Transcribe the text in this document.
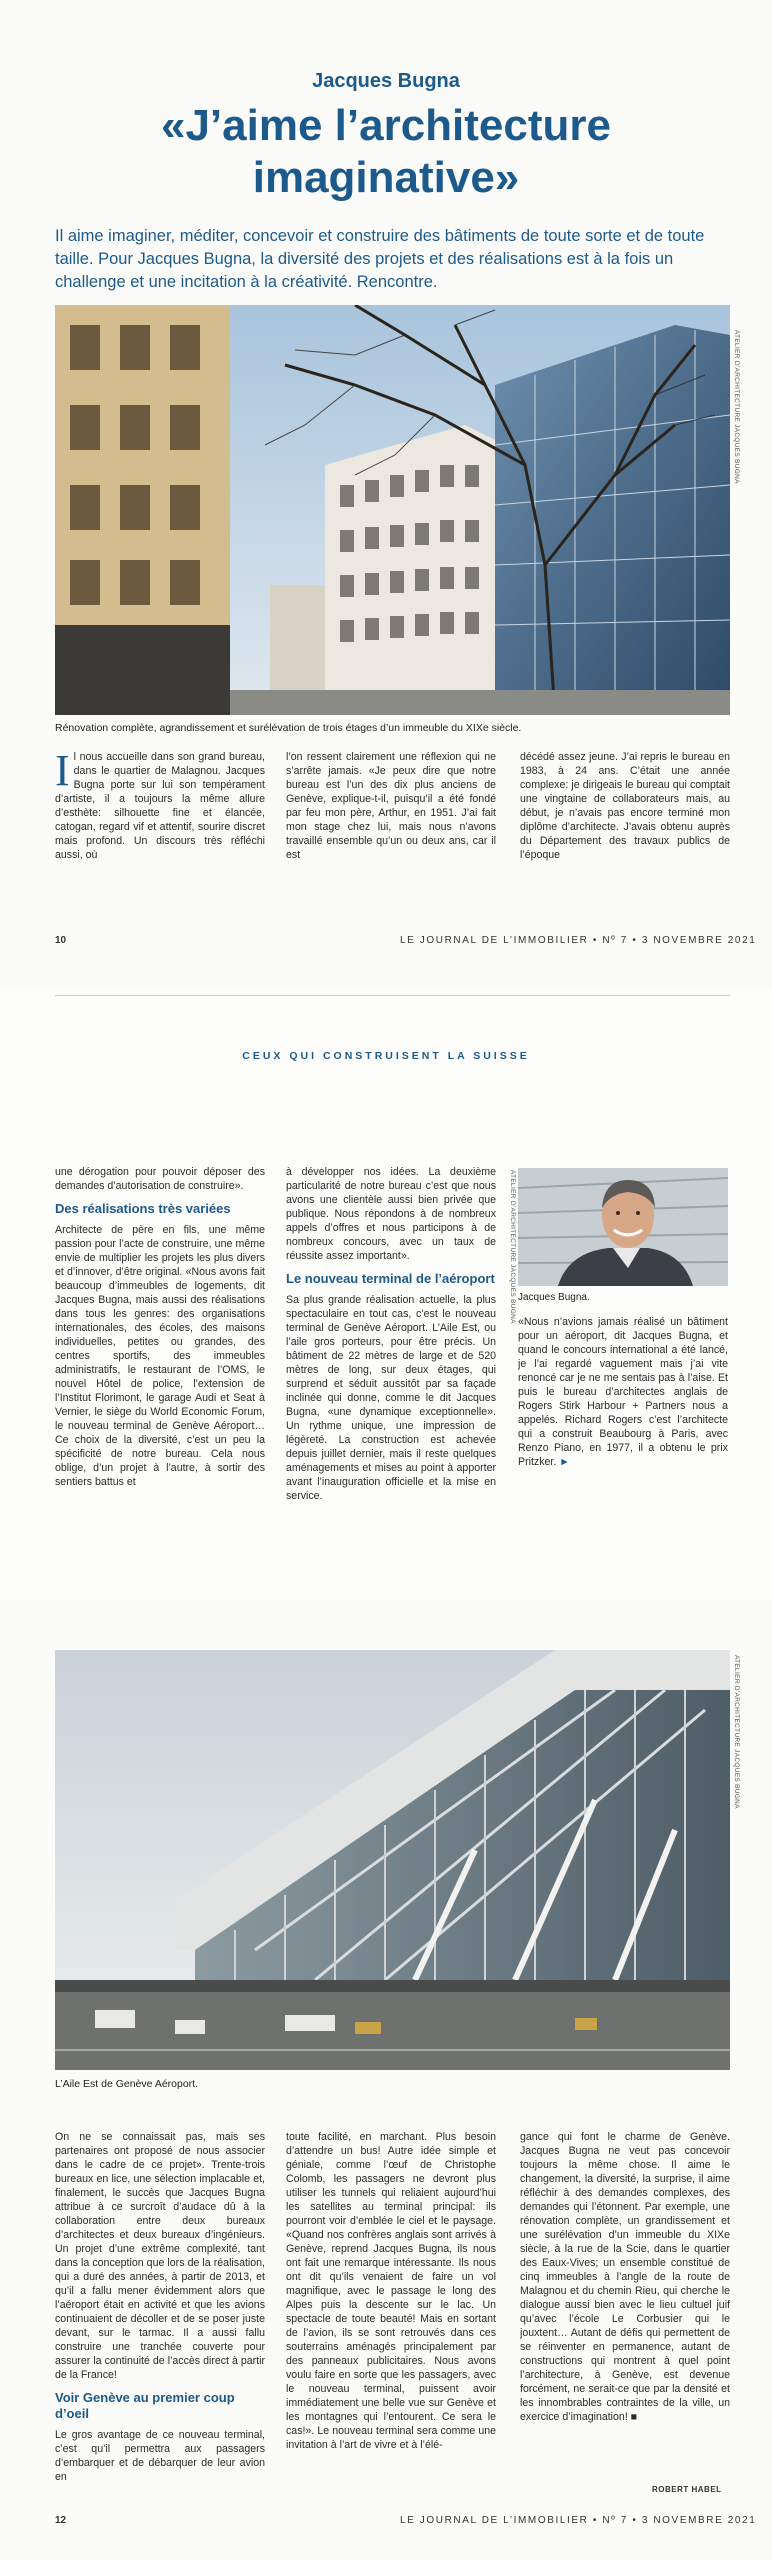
Jacques Bugna
«J’aime l’architecture imaginative»

Il aime imaginer, méditer, concevoir et construire des bâtiments de toute sorte et de toute taille. Pour Jacques Bugna, la diversité des projets et des réalisations est à la fois un challenge et une incitation à la créativité. Rencontre.

ATELIER D’ARCHITECTURE JACQUES BUGNA
Rénovation complète, agrandissement et surélévation de trois étages d’un immeuble du XIXe siècle.
Il nous accueille dans son grand bureau, dans le quartier de Malagnou. Jacques Bugna porte sur lui son tempérament d’artiste, il a toujours la même allure d’esthète: silhouette fine et élancée, catogan, regard vif et attentif, sourire discret mais profond. Un discours très réfléchi aussi, où
l’on ressent clairement une réflexion qui ne s’arrête jamais. «Je peux dire que notre bureau est l’un des dix plus anciens de Genève, explique-t-il, puisqu’il a été fondé par feu mon père, Arthur, en 1951. J’ai fait mon stage chez lui, mais nous n’avons travaillé ensemble qu’un ou deux ans, car il est
décédé assez jeune. J’ai repris le bureau en 1983, à 24 ans. C’était une année complexe: je dirigeais le bureau qui comptait une vingtaine de collaborateurs mais, au début, je n’avais pas encore terminé mon diplôme d’architecte. J’avais obtenu auprès du Département des travaux publics de l’époque
10	LE JOURNAL DE L’IMMOBILIER • Nº 7 • 3 NOVEMBRE 2021
CEUX QUI CONSTRUISENT LA SUISSE

une dérogation pour pouvoir déposer des demandes d’autorisation de construire».

Des réalisations très variées

Architecte de père en fils, une même passion pour l’acte de construire, une même envie de multiplier les projets les plus divers et d’innover, d’être original. «Nous avons fait beaucoup d’immeubles de logements, dit Jacques Bugna, mais aussi des réalisations dans tous les genres: des organisations internationales, des écoles, des maisons individuelles, petites ou grandes, des centres sportifs, des immeubles administratifs, le restaurant de l’OMS, le nouvel Hôtel de police, l’extension de l’Institut Florimont, le garage Audi et Seat à Vernier, le siège du World Economic Forum, le nouveau terminal de Genève Aéroport… Ce choix de la diversité, c’est un peu la spécificité de notre bureau. Cela nous oblige, d’un projet à l’autre, à sortir des sentiers battus et

à développer nos idées. La deuxième particularité de notre bureau c’est que nous avons une clientèle aussi bien privée que publique. Nous répondons à de nombreux appels d’offres et nous participons à de nombreux concours, avec un taux de réussite assez important».

Le nouveau terminal de l’aéroport

Sa plus grande réalisation actuelle, la plus spectaculaire en tout cas, c’est le nouveau terminal de Genève Aéroport. L’Aile Est, ou l’aile gros porteurs, pour être précis. Un bâtiment de 22 mètres de large et de 520 mètres de long, sur deux étages, qui surprend et séduit aussitôt par sa façade inclinée qui donne, comme le dit Jacques Bugna, «une dynamique exceptionnelle». Un rythme unique, une impression de légèreté. La construction est achevée depuis juillet dernier, mais il reste quelques aménagements et mises au point à apporter avant l’inauguration officielle et la mise en service.

ATELIER D’ARCHITECTURE JACQUES BUGNA Jacques Bugna.
«Nous n’avions jamais réalisé un bâtiment pour un aéroport, dit Jacques Bugna, et quand le concours international a été lancé, je l’ai regardé vaguement mais j’ai vite renoncé car je ne me sentais pas à l’aise. Et puis le bureau d’architectes anglais de Rogers Stirk Harbour + Partners nous a appelés. Richard Rogers c’est l’architecte qui a construit Beaubourg à Paris, avec Renzo Piano, en 1977, il a obtenu le prix Pritzker. ►
ATELIER D’ARCHITECTURE JACQUES BUGNA
L’Aile Est de Genève Aéroport.

On ne se connaissait pas, mais ses partenaires ont proposé de nous associer dans le cadre de ce projet». Trente-trois bureaux en lice, une sélection implacable et, finalement, le succès que Jacques Bugna attribue à ce surcroît d’audace dû à la collaboration entre deux bureaux d’architectes et deux bureaux d’ingénieurs. Un projet d’une extrême complexité, tant dans la conception que lors de la réalisation, qui a duré des années, à partir de 2013, et qu’il a fallu mener évidemment alors que l’aéroport était en activité et que les avions continuaient de décoller et de se poser juste devant, sur le tarmac. Il a aussi fallu construire une tranchée couverte pour assurer la continuité de l’accès direct à partir de la France!

Voir Genève au premier coup d’oeil

Le gros avantage de ce nouveau terminal, c’est qu’il permettra aux passagers d’embarquer et de débarquer de leur avion en

toute facilité, en marchant. Plus besoin d’attendre un bus! Autre idée simple et géniale, comme l’œuf de Christophe Colomb, les passagers ne devront plus utiliser les tunnels qui reliaient aujourd’hui les satellites au terminal principal: ils pourront voir d’emblée le ciel et le paysage. «Quand nos confrères anglais sont arrivés à Genève, reprend Jacques Bugna, ils nous ont fait une remarque intéressante. Ils nous ont dit qu’ils venaient de faire un vol magnifique, avec le passage le long des Alpes puis la descente sur le lac. Un spectacle de toute beauté! Mais en sortant de l’avion, ils se sont retrouvés dans ces souterrains aménagés principalement par des panneaux publicitaires. Nous avons voulu faire en sorte que les passagers, avec le nouveau terminal, puissent avoir immédiatement une belle vue sur Genève et les montagnes qui l’entourent. Ce sera le cas!». Le nouveau terminal sera comme une invitation à l’art de vivre et à l’élé-
gance qui font le charme de Genève. Jacques Bugna ne veut pas concevoir toujours la même chose. Il aime le changement, la diversité, la surprise, il aime réfléchir à des demandes complexes, des demandes qui l’étonnent. Par exemple, une rénovation complète, un grandissement et une surélévation d’un immeuble du XIXe siècle, à la rue de la Scie, dans le quartier des Eaux-Vives; un ensemble constitué de cinq immeubles à l’angle de la route de Malagnou et du chemin Rieu, qui cherche le dialogue aussi bien avec le lieu cultuel juif qu’avec l’école Le Corbusier qui le jouxtent… Autant de défis qui permettent de se réinventer en permanence, autant de constructions qui montrent à quel point l’architecture, à Genève, est devenue forcément, ne serait-ce que par la densité et les innombrables contraintes de la ville, un exercice d’imagination! ■
ROBERT HABEL
12	LE JOURNAL DE L’IMMOBILIER • Nº 7 • 3 NOVEMBRE 2021
